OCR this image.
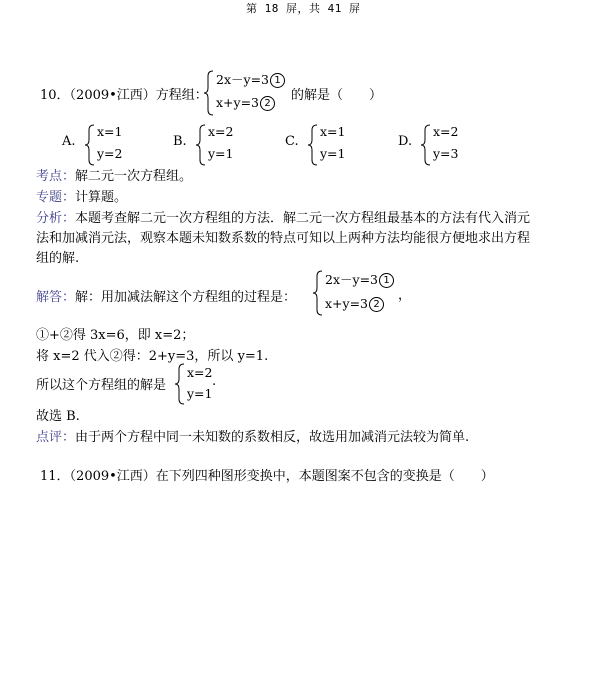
第 18 屏，共 41 屏
10．（2009•江西）方程组：
2x－y=3 1
x+y=3 2
的解是（　　）
A.
x=1
y=2
B.
x=2
y=1
C.
x=1
y=1
D.
x=2
y=3
考点：解二元一次方程组。
专题：计算题。
分析：本题考查解二元一次方程组的方法．解二元一次方程组最基本的方法有代入消元
法和加减消元法，观察本题未知数系数的特点可知以上两种方法均能很方便地求出方程
组的解.
解答：解：用加减法解这个方程组的过程是：
2x－y=3 1
x+y=3 2
，
①+②得 3x=6，即 x=2；
将 x=2 代入②得：2+y=3，所以 y=1.
所以这个方程组的解是
x=2
y=1
.
故选 B.
点评：由于两个方程中同一未知数的系数相反，故选用加减消元法较为简单.
11．（2009•江西）在下列四种图形变换中，本题图案不包含的变换是（　　）
